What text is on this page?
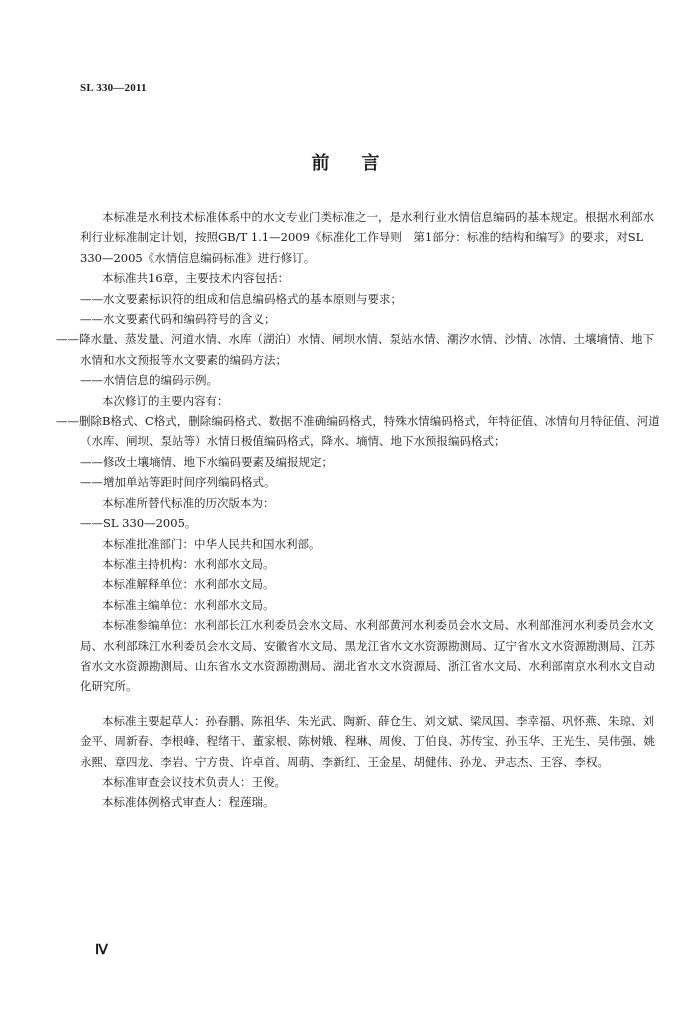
SL 330—2011
前言

本标准是水利技术标准体系中的水文专业门类标准之一，是水利行业水情信息编码的基本规定。根据水利部水利行业标准制定计划，按照GB/T 1.1—2009《标准化工作导则　第1部分：标准的结构和编写》的要求，对SL 330—2005《水情信息编码标准》进行修订。

本标准共16章，主要技术内容包括：

——水文要素标识符的组成和信息编码格式的基本原则与要求；

——水文要素代码和编码符号的含义；

——降水量、蒸发量、河道水情、水库（湖泊）水情、闸坝水情、泵站水情、潮汐水情、沙情、冰情、土壤墒情、地下水情和水文预报等水文要素的编码方法；

——水情信息的编码示例。

本次修订的主要内容有：

——删除B格式、C格式，删除编码格式、数据不准确编码格式，特殊水情编码格式，年特征值、冰情旬月特征值、河道（水库、闸坝、泵站等）水情日极值编码格式，降水、墒情、地下水预报编码格式；

——修改土壤墒情、地下水编码要素及编报规定；

——增加单站等距时间序列编码格式。

本标准所替代标准的历次版本为：

——SL 330—2005。

本标准批准部门：中华人民共和国水利部。

本标准主持机构：水利部水文局。

本标准解释单位：水利部水文局。

本标准主编单位：水利部水文局。

本标准参编单位：水利部长江水利委员会水文局、水利部黄河水利委员会水文局、水利部淮河水利委员会水文局、水利部珠江水利委员会水文局、安徽省水文局、黑龙江省水文水资源勘测局、辽宁省水文水资源勘测局、江苏省水文水资源勘测局、山东省水文水资源勘测局、湖北省水文水资源局、浙江省水文局、水利部南京水利水文自动化研究所。

本标准主要起草人：孙春鹏、陈祖华、朱光武、陶新、薛仓生、刘文斌、梁凤国、李幸福、巩怀燕、朱琼、刘金平、周新春、李根峰、程绪干、董家根、陈树娥、程琳、周俊、丁伯良、苏传宝、孙玉华、王光生、吴伟强、姚永熙、章四龙、李岩、宁方贵、许卓首、周萌、李新红、王金星、胡健伟、孙龙、尹志杰、王容、李权。

本标准审查会议技术负责人：王俊。

本标准体例格式审查人：程莲瑞。

Ⅳ
